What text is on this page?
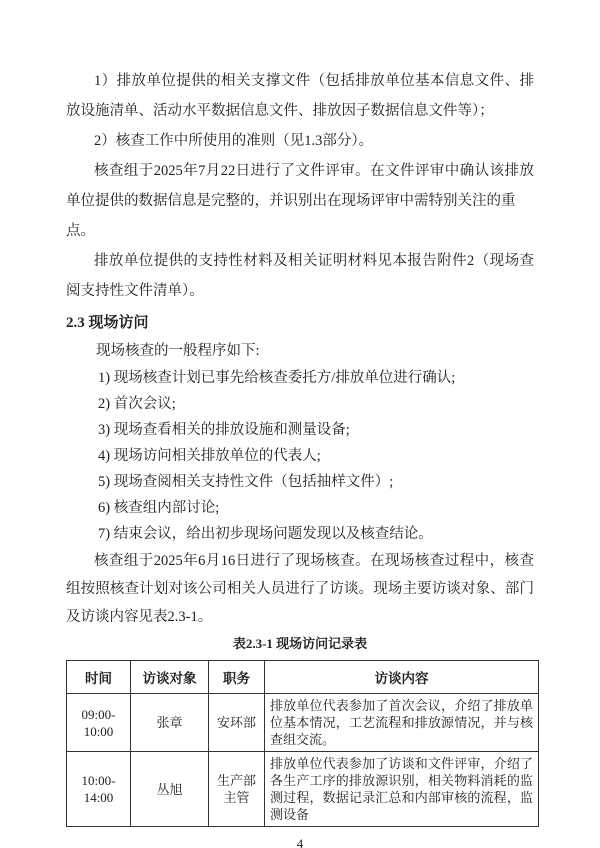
1）排放单位提供的相关支撑文件（包括排放单位基本信息文件、排
放设施清单、活动水平数据信息文件、排放因子数据信息文件等）；

2）核查工作中所使用的准则（见1.3部分）。

核查组于2025年7月22日进行了文件评审。在文件评审中确认该排放
单位提供的数据信息是完整的，并识别出在现场评审中需特别关注的重点。

排放单位提供的支持性材料及相关证明材料见本报告附件2（现场查
阅支持性文件清单）。

2.3 现场访问

现场核查的一般程序如下:

1) 现场核查计划已事先给核查委托方/排放单位进行确认;

2) 首次会议;

3) 现场查看相关的排放设施和测量设备;

4) 现场访问相关排放单位的代表人;

5) 现场查阅相关支持性文件（包括抽样文件）;

6) 核查组内部讨论;

7) 结束会议，给出初步现场问题发现以及核查结论。

核查组于2025年6月16日进行了现场核查。在现场核查过程中，核查
组按照核查计划对该公司相关人员进行了访谈。现场主要访谈对象、部门
及访谈内容见表2.3-1。

表2.3-1 现场访问记录表
时间	访谈对象	职务	访谈内容
09:00-10:00	张章	安环部	排放单位代表参加了首次会议，介绍了排放单位基本情况，工艺流程和排放源情况，并与核查组交流。
10:00-14:00	丛旭	生产部主管	排放单位代表参加了访谈和文件评审，介绍了各生产工序的排放源识别，相关物料消耗的监测过程，数据记录汇总和内部审核的流程，监测设备
4
